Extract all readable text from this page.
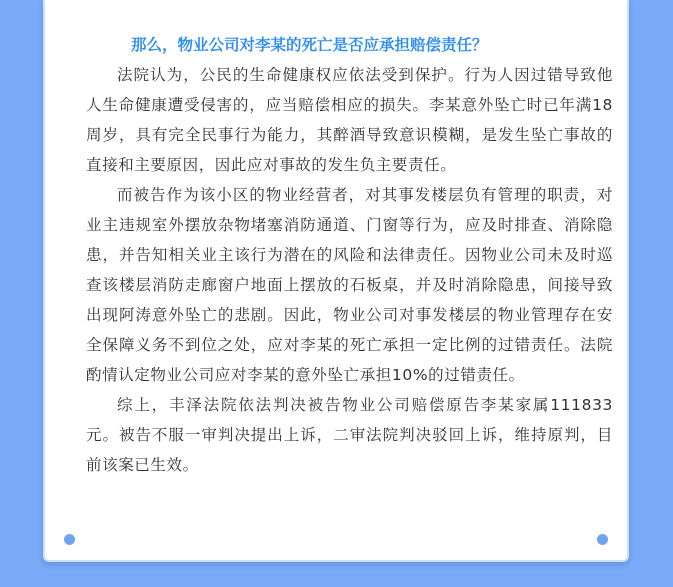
那么，物业公司对李某的死亡是否应承担赔偿责任？

法院认为，公民的生命健康权应依法受到保护。行为人因过错导致他人生命健康遭受侵害的，应当赔偿相应的损失。李某意外坠亡时已年满18周岁，具有完全民事行为能力，其醉酒导致意识模糊，是发生坠亡事故的直接和主要原因，因此应对事故的发生负主要责任。

而被告作为该小区的物业经营者，对其事发楼层负有管理的职责，对业主违规室外摆放杂物堵塞消防通道、门窗等行为，应及时排查、消除隐患，并告知相关业主该行为潜在的风险和法律责任。因物业公司未及时巡查该楼层消防走廊窗户地面上摆放的石板桌，并及时消除隐患，间接导致出现阿涛意外坠亡的悲剧。因此，物业公司对事发楼层的物业管理存在安全保障义务不到位之处，应对李某的死亡承担一定比例的过错责任。法院酌情认定物业公司应对李某的意外坠亡承担10%的过错责任。

综上，丰泽法院依法判决被告物业公司赔偿原告李某家属111833元。被告不服一审判决提出上诉，二审法院判决驳回上诉，维持原判，目前该案已生效。
